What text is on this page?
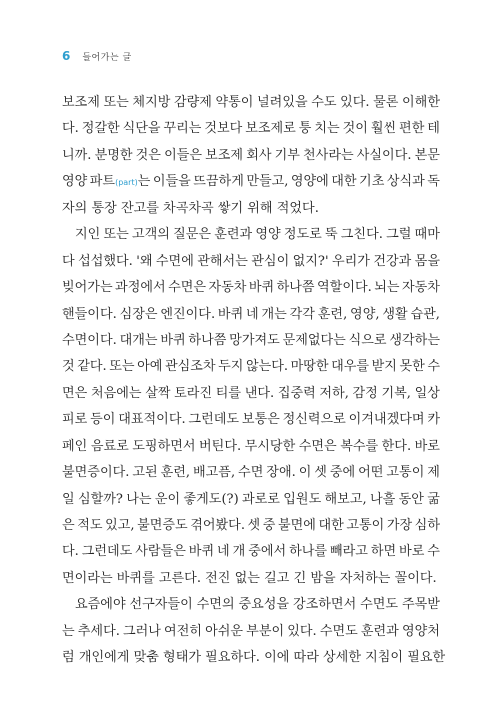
6 들어가는 글
보조제 또는 체지방 감량제 약통이 널려있을 수도 있다. 물론 이해한
다. 정갈한 식단을 꾸리는 것보다 보조제로 퉁 치는 것이 훨씬 편한 테
니까. 분명한 것은 이들은 보조제 회사 기부 천사라는 사실이다. 본문
영양 파트(part)는 이들을 뜨끔하게 만들고, 영양에 대한 기초 상식과 독
자의 통장 잔고를 차곡차곡 쌓기 위해 적었다.
지인 또는 고객의 질문은 훈련과 영양 정도로 뚝 그친다. 그럴 때마
다 섭섭했다. '왜 수면에 관해서는 관심이 없지?' 우리가 건강과 몸을
빚어가는 과정에서 수면은 자동차 바퀴 하나쯤 역할이다. 뇌는 자동차
핸들이다. 심장은 엔진이다. 바퀴 네 개는 각각 훈련, 영양, 생활 습관,
수면이다. 대개는 바퀴 하나쯤 망가져도 문제없다는 식으로 생각하는
것 같다. 또는 아예 관심조차 두지 않는다. 마땅한 대우를 받지 못한 수
면은 처음에는 살짝 토라진 티를 낸다. 집중력 저하, 감정 기복, 일상
피로 등이 대표적이다. 그런데도 보통은 정신력으로 이겨내겠다며 카
페인 음료로 도핑하면서 버틴다. 무시당한 수면은 복수를 한다. 바로
불면증이다. 고된 훈련, 배고픔, 수면 장애. 이 셋 중에 어떤 고통이 제
일 심할까? 나는 운이 좋게도(?) 과로로 입원도 해보고, 나흘 동안 굶
은 적도 있고, 불면증도 겪어봤다. 셋 중 불면에 대한 고통이 가장 심하
다. 그런데도 사람들은 바퀴 네 개 중에서 하나를 빼라고 하면 바로 수
면이라는 바퀴를 고른다. 전진 없는 길고 긴 밤을 자처하는 꼴이다.
요즘에야 선구자들이 수면의 중요성을 강조하면서 수면도 주목받
는 추세다. 그러나 여전히 아쉬운 부분이 있다. 수면도 훈련과 영양처
럼 개인에게 맞춤 형태가 필요하다. 이에 따라 상세한 지침이 필요한
